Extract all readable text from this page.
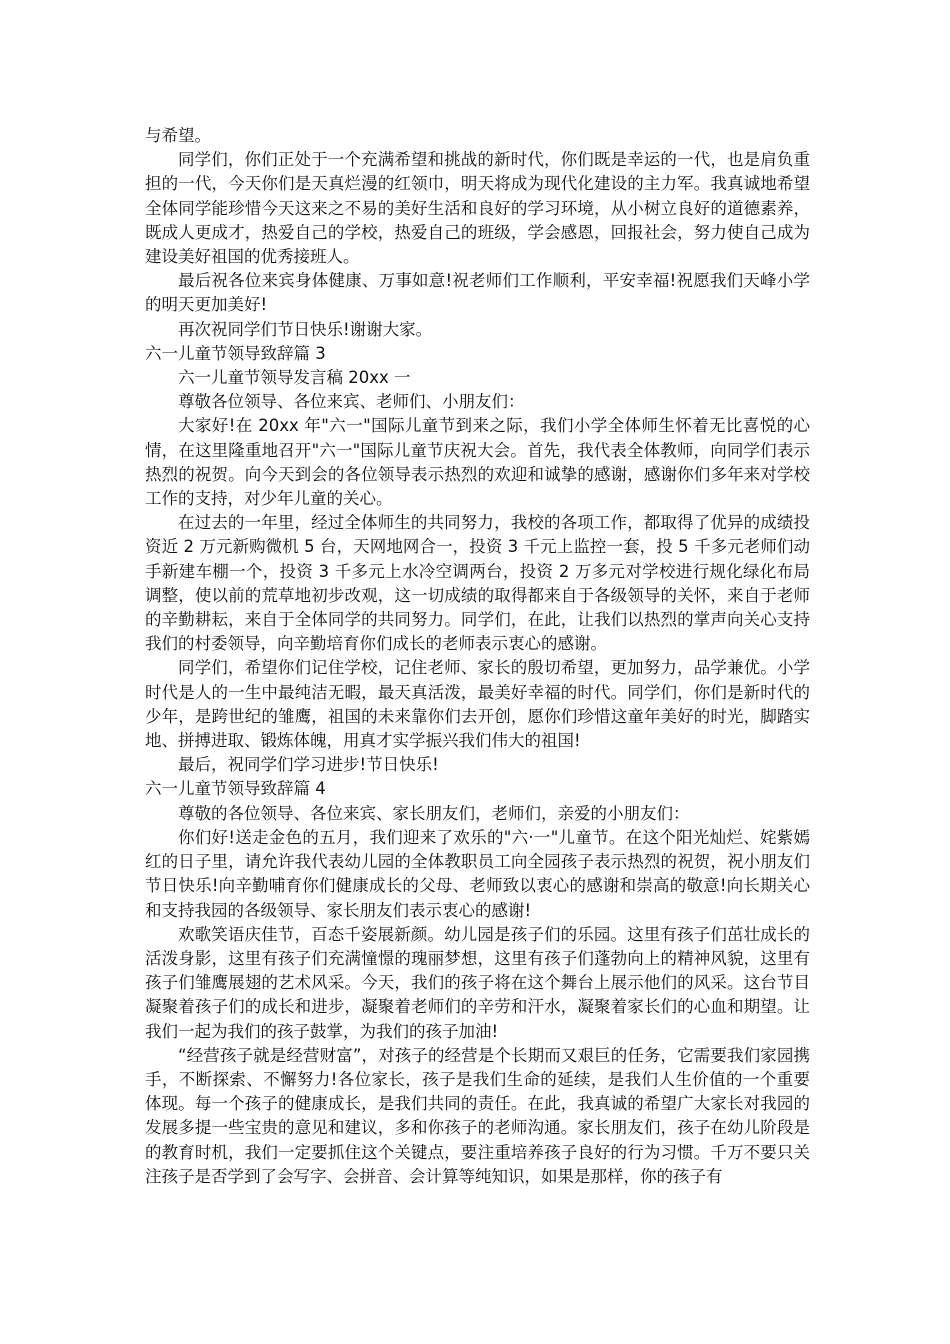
与希望。

同学们，你们正处于一个充满希望和挑战的新时代，你们既是幸运的一代，也是肩负重担的一代，今天你们是天真烂漫的红领巾，明天将成为现代化建设的主力军。我真诚地希望全体同学能珍惜今天这来之不易的美好生活和良好的学习环境，从小树立良好的道德素养，既成人更成才，热爱自己的学校，热爱自己的班级，学会感恩，回报社会，努力使自己成为建设美好祖国的优秀接班人。

最后祝各位来宾身体健康、万事如意!祝老师们工作顺利，平安幸福!祝愿我们天峰小学的明天更加美好!

再次祝同学们节日快乐!谢谢大家。

六一儿童节领导致辞篇 3

六一儿童节领导发言稿 20xx 一

尊敬各位领导、各位来宾、老师们、小朋友们：

大家好!在 20xx 年"六一"国际儿童节到来之际，我们小学全体师生怀着无比喜悦的心情，在这里隆重地召开"六一"国际儿童节庆祝大会。首先，我代表全体教师，向同学们表示热烈的祝贺。向今天到会的各位领导表示热烈的欢迎和诚挚的感谢，感谢你们多年来对学校工作的支持，对少年儿童的关心。

在过去的一年里，经过全体师生的共同努力，我校的各项工作，都取得了优异的成绩投资近 2 万元新购微机 5 台，天网地网合一，投资 3 千元上监控一套，投 5 千多元老师们动手新建车棚一个，投资 3 千多元上水冷空调两台，投资 2 万多元对学校进行规化绿化布局调整，使以前的荒草地初步改观，这一切成绩的取得都来自于各级领导的关怀，来自于老师的辛勤耕耘，来自于全体同学的共同努力。同学们，在此，让我们以热烈的掌声向关心支持我们的村委领导，向辛勤培育你们成长的老师表示衷心的感谢。

同学们，希望你们记住学校，记住老师、家长的殷切希望，更加努力，品学兼优。小学时代是人的一生中最纯洁无暇，最天真活泼，最美好幸福的时代。同学们，你们是新时代的少年，是跨世纪的雏鹰，祖国的未来靠你们去开创，愿你们珍惜这童年美好的时光，脚踏实地、拼搏进取、锻炼体魄，用真才实学振兴我们伟大的祖国!

最后，祝同学们学习进步!节日快乐!

六一儿童节领导致辞篇 4

尊敬的各位领导、各位来宾、家长朋友们，老师们，亲爱的小朋友们：

你们好!送走金色的五月，我们迎来了欢乐的"六·一"儿童节。在这个阳光灿烂、姹紫嫣红的日子里，请允许我代表幼儿园的全体教职员工向全园孩子表示热烈的祝贺，祝小朋友们节日快乐!向辛勤哺育你们健康成长的父母、老师致以衷心的感谢和崇高的敬意!向长期关心和支持我园的各级领导、家长朋友们表示衷心的感谢!

欢歌笑语庆佳节，百态千姿展新颜。幼儿园是孩子们的乐园。这里有孩子们茁壮成长的活泼身影，这里有孩子们充满憧憬的瑰丽梦想，这里有孩子们蓬勃向上的精神风貌，这里有孩子们雏鹰展翅的艺术风采。今天，我们的孩子将在这个舞台上展示他们的风采。这台节目凝聚着孩子们的成长和进步，凝聚着老师们的辛劳和汗水，凝聚着家长们的心血和期望。让我们一起为我们的孩子鼓掌，为我们的孩子加油!

“经营孩子就是经营财富”，对孩子的经营是个长期而又艰巨的任务，它需要我们家园携手，不断探索、不懈努力!各位家长，孩子是我们生命的延续，是我们人生价值的一个重要体现。每一个孩子的健康成长，是我们共同的责任。在此，我真诚的希望广大家长对我园的发展多提一些宝贵的意见和建议，多和你孩子的老师沟通。家长朋友们，孩子在幼儿阶段是的教育时机，我们一定要抓住这个关键点，要注重培养孩子良好的行为习惯。千万不要只关注孩子是否学到了会写字、会拼音、会计算等纯知识，如果是那样，你的孩子有
